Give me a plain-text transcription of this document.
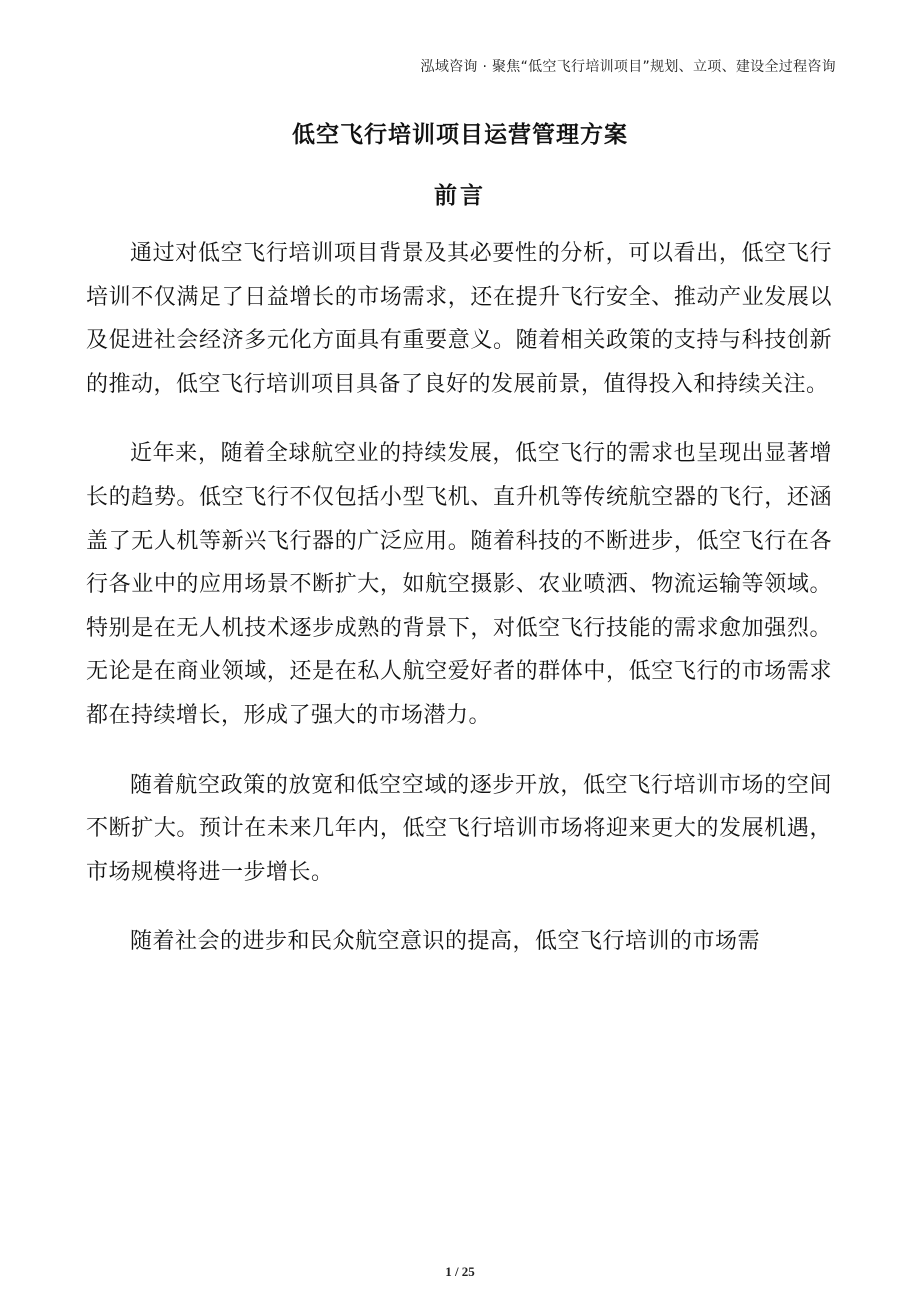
泓域咨询 · 聚焦“低空飞行培训项目”规划、立项、建设全过程咨询
低空飞行培训项目运营管理方案
前言

通过对低空飞行培训项目背景及其必要性的分析，可以看出，低空飞行培训不仅满足了日益增长的市场需求，还在提升飞行安全、推动产业发展以及促进社会经济多元化方面具有重要意义。随着相关政策的支持与科技创新的推动，低空飞行培训项目具备了良好的发展前景，值得投入和持续关注。

近年来，随着全球航空业的持续发展，低空飞行的需求也呈现出显著增长的趋势。低空飞行不仅包括小型飞机、直升机等传统航空器的飞行，还涵盖了无人机等新兴飞行器的广泛应用。随着科技的不断进步，低空飞行在各行各业中的应用场景不断扩大，如航空摄影、农业喷洒、物流运输等领域。特别是在无人机技术逐步成熟的背景下，对低空飞行技能的需求愈加强烈。无论是在商业领域，还是在私人航空爱好者的群体中，低空飞行的市场需求都在持续增长，形成了强大的市场潜力。

随着航空政策的放宽和低空空域的逐步开放，低空飞行培训市场的空间不断扩大。预计在未来几年内，低空飞行培训市场将迎来更大的发展机遇，市场规模将进一步增长。

随着社会的进步和民众航空意识的提高，低空飞行培训的市场需

1 / 25
